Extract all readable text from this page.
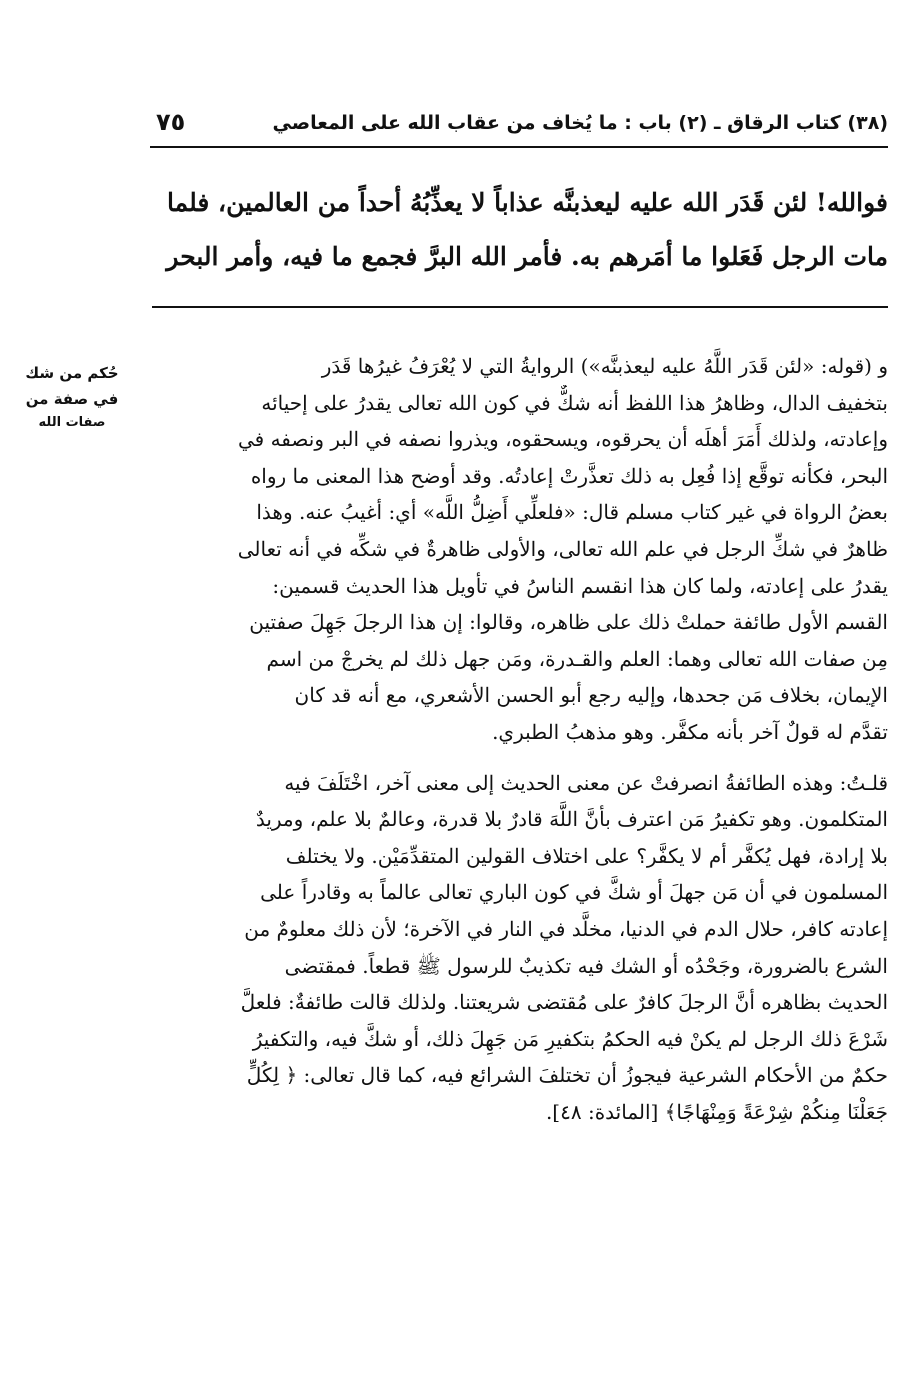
(٣٨) كتاب الرقاق ـ (٢) باب : ما يُخاف من عقاب الله على المعاصي
٧٥
فوالله! لئن قَدَر الله عليه ليعذبنَّه عذاباً لا يعذِّبُهُ أحداً من العالمين، فلما
مات الرجل فَعَلوا ما أمَرهم به. فأمر الله البرَّ فجمع ما فيه، وأمر البحر
حُكم من شك
في صفة من
صفات الله
و (قوله: «لئن قَدَر اللَّهُ عليه ليعذبنَّه») الروايةُ التي لا يُعْرَفُ غيرُها قَدَر
بتخفيف الدال، وظاهرُ هذا اللفظ أنه شكٌّ في كون الله تعالى يقدرُ على إحيائه
وإعادته، ولذلك أَمَرَ أهلَه أن يحرقوه، ويسحقوه، ويذروا نصفه في البر ونصفه في
البحر، فكأنه توقَّع إذا فُعِل به ذلك تعذَّرتْ إعادتُه. وقد أوضح هذا المعنى ما رواه
بعضُ الرواة في غير كتاب مسلم قال: «فلعلِّي أَضِلُّ اللَّه» أي: أغيبُ عنه. وهذا
ظاهرٌ في شكِّ الرجل في علم الله تعالى، والأولى ظاهرةٌ في شكِّه في أنه تعالى
يقدرُ على إعادته، ولما كان هذا انقسم الناسُ في تأويل هذا الحديث قسمين:
القسم الأول طائفة حملتْ ذلك على ظاهره، وقالوا: إن هذا الرجلَ جَهِلَ صفتين
مِن صفات الله تعالى وهما: العلم والقـدرة، ومَن جهل ذلك لم يخرجْ من اسم
الإيمان، بخلاف مَن جحدها، وإليه رجع أبو الحسن الأشعري، مع أنه قد كان
تقدَّم له قولٌ آخر بأنه مكفَّر. وهو مذهبُ الطبري.
قلـتُ: وهذه الطائفةُ انصرفتْ عن معنى الحديث إلى معنى آخر، اخْتَلَفَ فيه
المتكلمون. وهو تكفيرُ مَن اعترف بأنَّ اللَّهَ قادرٌ بلا قدرة، وعالمٌ بلا علم، ومريدٌ
بلا إرادة، فهل يُكفَّر أم لا يكفَّر؟ على اختلاف القولين المتقدِّمَيْن. ولا يختلف
المسلمون في أن مَن جهلَ أو شكَّ في كون الباري تعالى عالماً به وقادراً على
إعادته كافر، حلال الدم في الدنيا، مخلَّد في النار في الآخرة؛ لأن ذلك معلومٌ من
الشرع بالضرورة، وجَحْدُه أو الشك فيه تكذيبٌ للرسول ﷺ قطعاً. فمقتضى
الحديث بظاهره أنَّ الرجلَ كافرٌ على مُقتضى شريعتنا. ولذلك قالت طائفةٌ: فلعلَّ
شَرْعَ ذلك الرجل لم يكنْ فيه الحكمُ بتكفيرِ مَن جَهِلَ ذلك، أو شكَّ فيه، والتكفيرُ
حكمٌ من الأحكام الشرعية فيجوزُ أن تختلفَ الشرائع فيه، كما قال تعالى: ﴿ لِكُلٍّ
جَعَلْنَا مِنكُمْ شِرْعَةً وَمِنْهَاجًا﴾ [المائدة: ٤٨].
